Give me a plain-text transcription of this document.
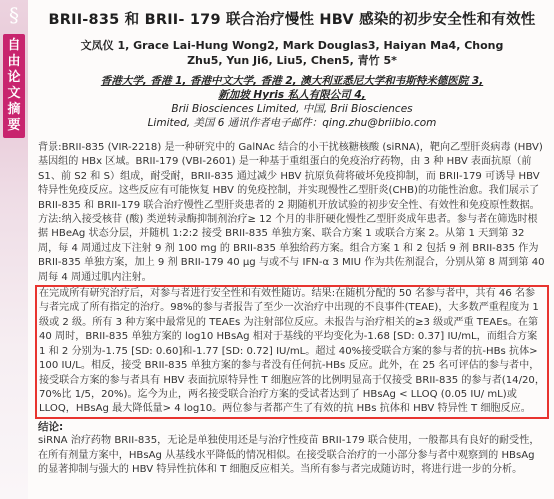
§
自
由
论
文
摘
要
BRII-835 和 BRII- 179 联合治疗慢性 HBV 感染的初步安全性和有效性
文凤仪 1, Grace Lai-Hung Wong2, Mark Douglas3, Haiyan Ma4, Chong
Zhu5, Yun Ji6, Liu5, Chen5, 青竹 5*
香港大学, 香港 1, 香港中文大学, 香港 2, 澳大利亚悉尼大学和韦斯特米德医院 3,
新加坡 Hyris 私人有限公司 4,
Brii Biosciences Limited, 中国, Brii Biosciences
Limited, 美国 6 通讯作者电子邮件：qing.zhu@briibio.com

背景:BRII-835 (VIR-2218) 是一种研究中的 GalNAc 结合的小干扰核糖核酸 (siRNA)，靶向乙型肝炎病毒 (HBV) 基因组的 HBx 区域。BRII-179 (VBI-2601) 是一种基于重组蛋白的免疫治疗药物，由 3 种 HBV 表面抗原（前 S1、前 S2 和 S）组成，耐受耐，BRII-835 通过减少 HBV 抗原负荷将破坏免疫抑制，而 BRII-179 可诱导 HBV 特异性免疫反应。这些反应有可能恢复 HBV 的免疫控制，并实现慢性乙型肝炎(CHB)的功能性治愈。我们展示了 BRII-835 和 BRII-179 联合治疗慢性乙型肝炎患者的 2 期随机开放试验的初步安全性、有效性和免疫原性数据。

方法:纳入接受核苷 (酸) 类逆转录酶抑制剂治疗≥ 12 个月的非肝硬化慢性乙型肝炎成年患者。参与者在筛选时根据 HBeAg 状态分层，并随机 1:2:2 接受 BRII-835 单独方案、联合方案 1 或联合方案 2。从第 1 天到第 32 周，每 4 周通过皮下注射 9 剂 100 mg 的 BRII-835 单独给药方案。组合方案 1 和 2 包括 9 剂 BRII-835 作为 BRII-835 单独方案，加上 9 剂 BRII-179 40 μg 与或不与 IFN-α 3 MIU 作为共佐剂混合，分别从第 8 周到第 40 周每 4 周通过肌内注射。

在完成所有研究治疗后，对参与者进行安全性和有效性随访。结果:在随机分配的 50 名参与者中，共有 46 名参与者完成了所有指定的治疗。98%的参与者报告了至少一次治疗中出现的不良事件(TEAE)，大多数严重程度为 1 级或 2 级。所有 3 种方案中最常见的 TEAEs 为注射部位反应。未报告与治疗相关的≥3 级或严重 TEAEs。在第 40 周时，BRII-835 单独方案的 log10 HBsAg 相对于基线的平均变化为-1.68 [SD: 0.37] IU/mL，而组合方案 1 和 2 分别为-1.75 [SD: 0.60]和-1.77 [SD: 0.72] IU/mL。超过 40%接受联合方案的参与者的抗-HBs 抗体> 100 IU/L。相反，接受 BRII-835 单独方案的参与者没有任何抗-HBs 反应。此外，在 25 名可评估的参与者中，接受联合方案的参与者具有 HBV 表面抗原特异性 T 细胞应答的比例明显高于仅接受 BRII-835 的参与者(14/20，70%比 1/5，20%)。迄今为止，两名接受联合治疗方案的受试者达到了 HBsAg < LLOQ (0.05 IU/ mL)或 LLOQ，HBsAg 最大降低量> 4 log10。两位参与者都产生了有效的抗 HBs 抗体和 HBV 特异性 T 细胞反应。

结论:

siRNA 治疗药物 BRII-835，无论是单独使用还是与治疗性疫苗 BRII-179 联合使用，一般都具有良好的耐受性，在所有剂量方案中，HBsAg 从基线水平降低的情况相似。在接受联合治疗的一小部分参与者中观察到的 HBsAg 的显著抑制与强大的 HBV 特异性抗体和 T 细胞反应相关。当所有参与者完成随访时，将进行进一步的分析。
